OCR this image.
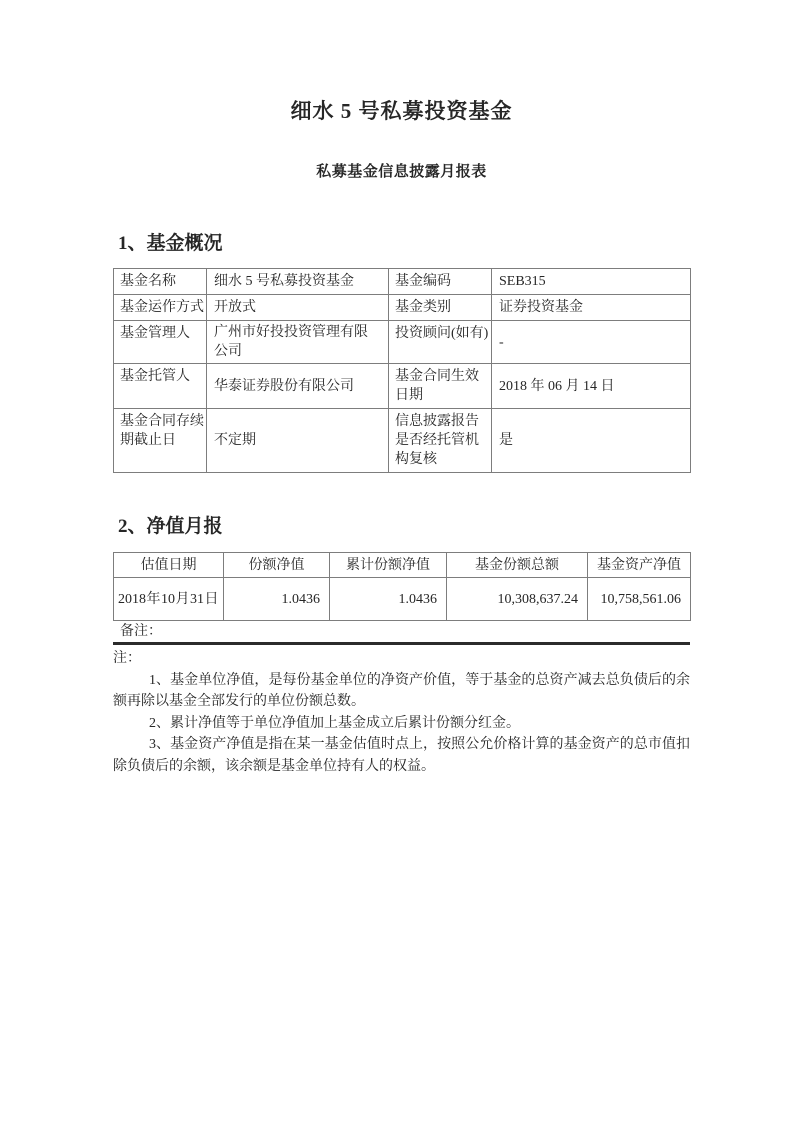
细水 5 号私募投资基金
私募基金信息披露月报表
1、基金概况
基金名称	细水 5 号私募投资基金	基金编码	SEB315
基金运作方式	开放式	基金类别	证券投资基金
基金管理人	广州市好投投资管理有限公司	投资顾问(如有)	-
基金托管人	华泰证券股份有限公司	基金合同生效日期	2018 年 06 月 14 日
基金合同存续期截止日	不定期	信息披露报告是否经托管机构复核	是
2、净值月报
估值日期	份额净值	累计份额净值	基金份额总额	基金资产净值
2018 年 10 月 31 日	1.0436	1.0436	10,308,637.24	10,758,561.06
备注：

注：

1、基金单位净值，是每份基金单位的净资产价值，等于基金的总资产减去总负债后的余额再除以基金全部发行的单位份额总数。

2、累计净值等于单位净值加上基金成立后累计份额分红金。

3、基金资产净值是指在某一基金估值时点上，按照公允价格计算的基金资产的总市值扣除负债后的余额，该余额是基金单位持有人的权益。
